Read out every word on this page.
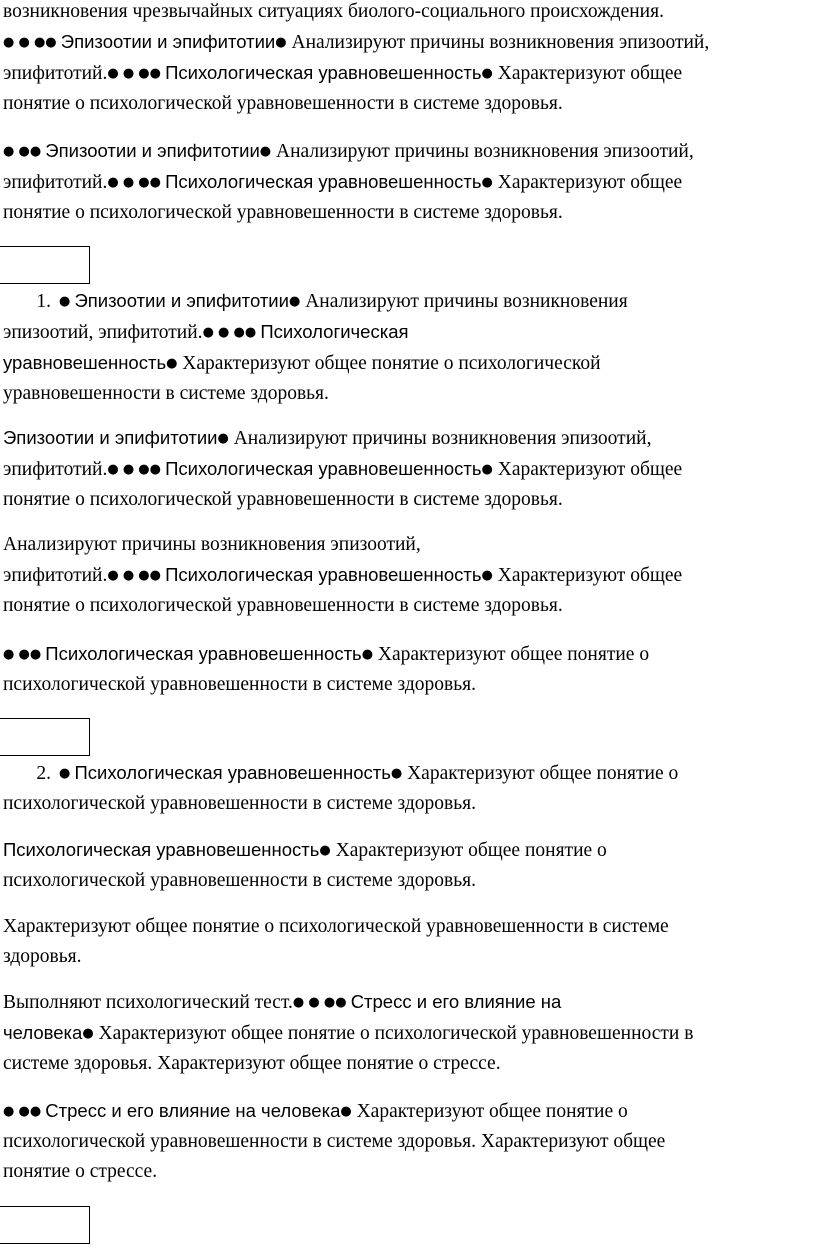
возникновения чрезвычайных ситуациях биолого-социального происхождения.
● ● ●● Эпизоотии и эпифитотии● Анализируют причины возникновения эпизоотий,
эпифитотий.● ● ●● Психологическая уравновешенность● Характеризуют общее
понятие о психологической уравновешенности в системе здоровья.
● ●● Эпизоотии и эпифитотии● Анализируют причины возникновения эпизоотий,
эпифитотий.● ● ●● Психологическая уравновешенность● Характеризуют общее
понятие о психологической уравновешенности в системе здоровья.
1. ● Эпизоотии и эпифитотии● Анализируют причины возникновения
эпизоотий, эпифитотий.● ● ●● Психологическая
уравновешенность● Характеризуют общее понятие о психологической
уравновешенности в системе здоровья.
Эпизоотии и эпифитотии● Анализируют причины возникновения эпизоотий,
эпифитотий.● ● ●● Психологическая уравновешенность● Характеризуют общее
понятие о психологической уравновешенности в системе здоровья.
Анализируют причины возникновения эпизоотий,
эпифитотий.● ● ●● Психологическая уравновешенность● Характеризуют общее
понятие о психологической уравновешенности в системе здоровья.
● ●● Психологическая уравновешенность● Характеризуют общее понятие о
психологической уравновешенности в системе здоровья.
2. ● Психологическая уравновешенность● Характеризуют общее понятие о
психологической уравновешенности в системе здоровья.
Психологическая уравновешенность● Характеризуют общее понятие о
психологической уравновешенности в системе здоровья.
Характеризуют общее понятие о психологической уравновешенности в системе
здоровья.
Выполняют психологический тест.● ● ●● Стресс и его влияние на
человека● Характеризуют общее понятие о психологической уравновешенности в
системе здоровья. Характеризуют общее понятие о стрессе.
● ●● Стресс и его влияние на человека● Характеризуют общее понятие о
психологической уравновешенности в системе здоровья. Характеризуют общее
понятие о стрессе.
